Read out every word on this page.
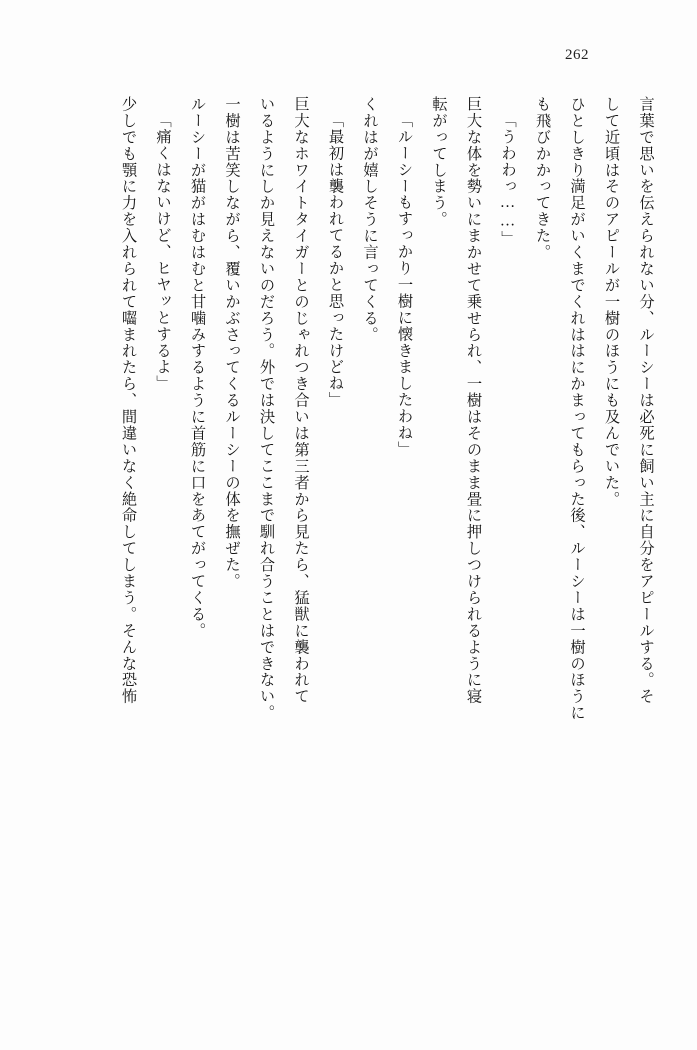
262
言葉で思いを伝えられない分、ルーシーは必死に飼い主に自分をアピールする。そ
して近頃はそのアピールが一樹のほうにも及んでいた。
ひとしきり満足がいくまでくれははにかまってもらった後、ルーシーは一樹のほうに
も飛びかかってきた。
「うわわっ……」
巨大な体を勢いにまかせて乗せられ、一樹はそのまま畳に押しつけられるように寝
転がってしまう。
「ルーシーもすっかり一樹に懐きましたわね」
くれはが嬉しそうに言ってくる。
「最初は襲われてるかと思ったけどね」
巨大なホワイトタイガーとのじゃれつき合いは第三者から見たら、猛獣に襲われて
いるようにしか見えないのだろう。外では決してここまで馴れ合うことはできない。
一樹は苦笑しながら、覆いかぶさってくるルーシーの体を撫ぜた。
ルーシーが猫がはむはむと甘噛みするように首筋に口をあてがってくる。
「痛くはないけど、ヒヤッとするよ」
少しでも顎に力を入れられて囓まれたら、間違いなく絶命してしまう。そんな恐怖
